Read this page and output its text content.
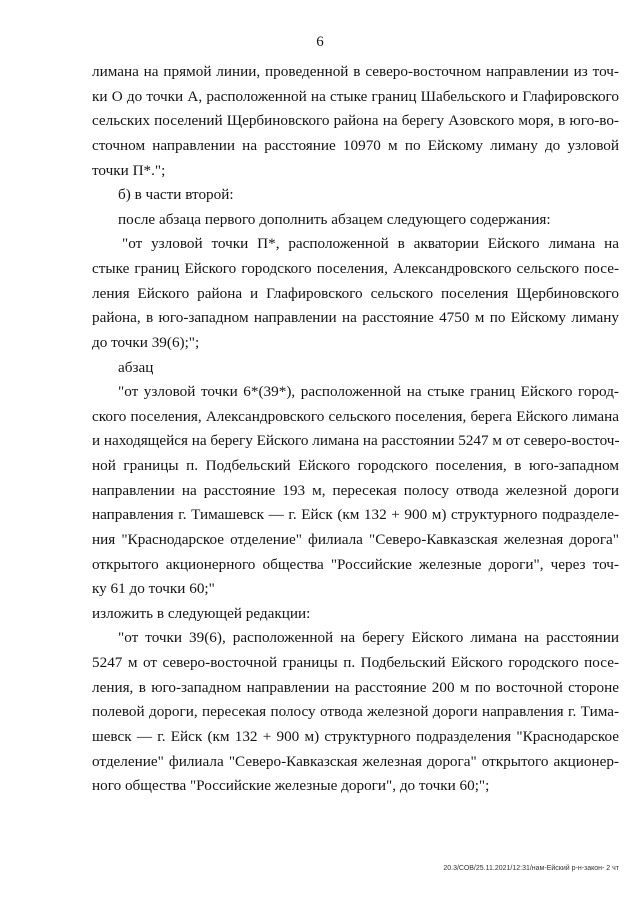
6
лимана на прямой линии, проведенной в северо-восточном направлении из точ-
ки О до точки А, расположенной на стыке границ Шабельского и Глафировского
сельских поселений Щербиновского района на берегу Азовского моря, в юго-во-
сточном направлении на расстояние 10970 м по Ейскому лиману до узловой
точки П*.";
б) в части второй:
после абзаца первого дополнить абзацем следующего содержания:
"от узловой точки П*, расположенной в акватории Ейского лимана на
стыке границ Ейского городского поселения, Александровского сельского посе-
ления Ейского района и Глафировского сельского поселения Щербиновского
района, в юго-западном направлении на расстояние 4750 м по Ейскому лиману
до точки 39(6);";
абзац
"от узловой точки 6*(39*), расположенной на стыке границ Ейского город-
ского поселения, Александровского сельского поселения, берега Ейского лимана
и находящейся на берегу Ейского лимана на расстоянии 5247 м от северо-восточ-
ной границы п. Подбельский Ейского городского поселения, в юго-западном
направлении на расстояние 193 м, пересекая полосу отвода железной дороги
направления г. Тимашевск — г. Ейск (км 132 + 900 м) структурного подразделе-
ния "Краснодарское отделение" филиала "Северо-Кавказская железная дорога"
открытого акционерного общества "Российские железные дороги", через точ-
ку 61 до точки 60;"
изложить в следующей редакции:
"от точки 39(6), расположенной на берегу Ейского лимана на расстоянии
5247 м от северо-восточной границы п. Подбельский Ейского городского посе-
ления, в юго-западном направлении на расстояние 200 м по восточной стороне
полевой дороги, пересекая полосу отвода железной дороги направления г. Тима-
шевск — г. Ейск (км 132 + 900 м) структурного подразделения "Краснодарское
отделение" филиала "Северо-Кавказская железная дорога" открытого акционер-
ного общества "Российские железные дороги", до точки 60;";
20.3/СОВ/25.11.2021/12:31/нам-Ейский р-н-закон- 2 чт
